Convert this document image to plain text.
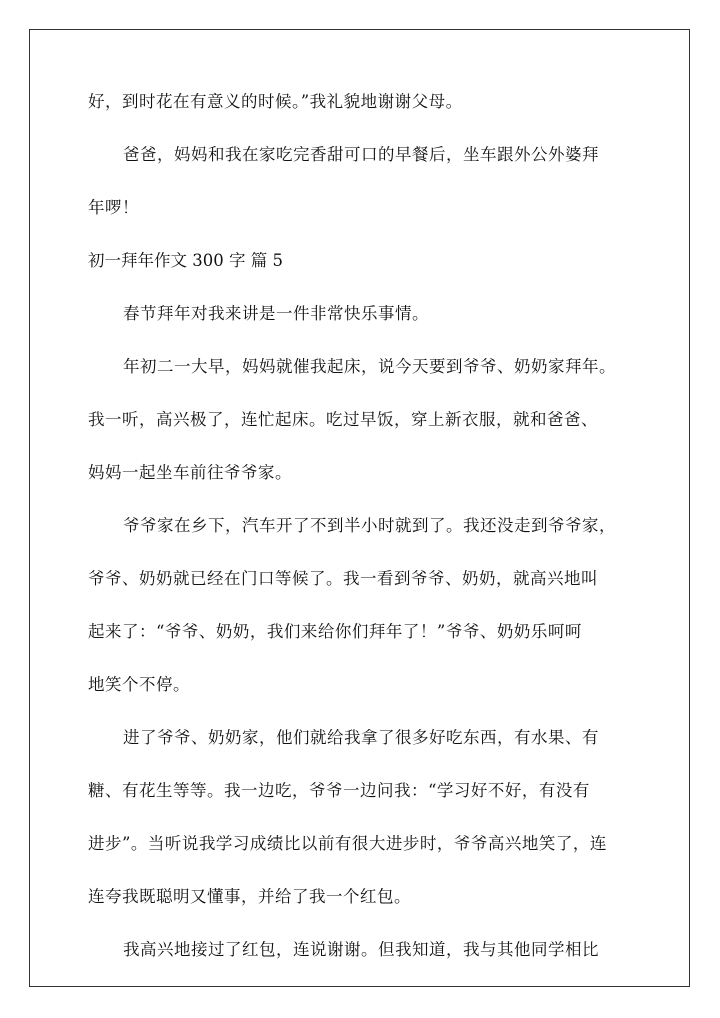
好，到时花在有意义的时候。”我礼貌地谢谢父母。
爸爸，妈妈和我在家吃完香甜可口的早餐后，坐车跟外公外婆拜
年啰！
初一拜年作文 300 字 篇 5
春节拜年对我来讲是一件非常快乐事情。
年初二一大早，妈妈就催我起床，说今天要到爷爷、奶奶家拜年。
我一听，高兴极了，连忙起床。吃过早饭，穿上新衣服，就和爸爸、
妈妈一起坐车前往爷爷家。
爷爷家在乡下，汽车开了不到半小时就到了。我还没走到爷爷家，
爷爷、奶奶就已经在门口等候了。我一看到爷爷、奶奶，就高兴地叫
起来了：“爷爷、奶奶，我们来给你们拜年了！”爷爷、奶奶乐呵呵
地笑个不停。
进了爷爷、奶奶家，他们就给我拿了很多好吃东西，有水果、有
糖、有花生等等。我一边吃，爷爷一边问我：“学习好不好，有没有
进步”。当听说我学习成绩比以前有很大进步时，爷爷高兴地笑了，连
连夸我既聪明又懂事，并给了我一个红包。
我高兴地接过了红包，连说谢谢。但我知道，我与其他同学相比
